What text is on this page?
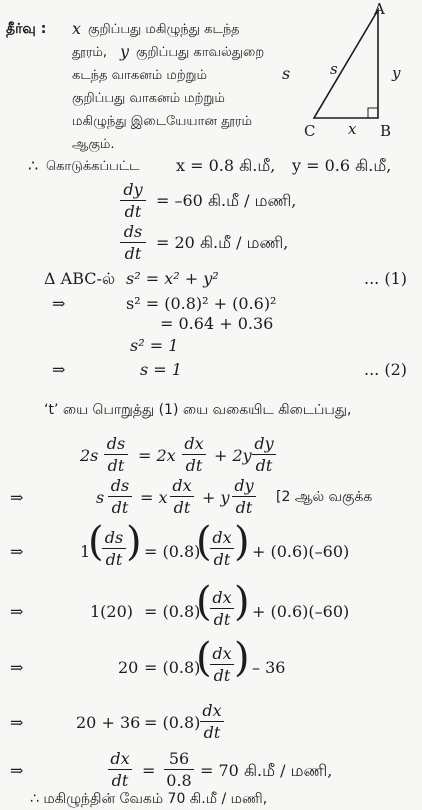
தீர்வு : x குறிப்பது மகிழுந்து கடந்த
தூரம், y குறிப்பது காவல்துறை
கடந்த வாகனம் மற்றும்	s
குறிப்பது வாகனம் மற்றும்
மகிழுந்து இடையேயான தூரம்
ஆகும்.
A
s	y
C x B
∴ கொடுக்கப்பட்ட x = 0.8 கி.மீ, y = 0.6 கி.மீ,
dy
dt
= –60 கி.மீ / மணி,
ds
dt
= 20 கி.மீ / மணி,
Δ ABC-ல் s² = x² + y²	... (1)
⇒	s² = (0.8)² + (0.6)²
= 0.64 + 0.36
s² = 1
⇒	s = 1	... (2)
‘t’ யை பொறுத்து (1) யை வகையிட கிடைப்பது,
2s
ds
dt
= 2x
dx
dt
+ 2y
dy
dt
⇒	s
ds
dt
= x
dx
dt
+ y
dy
dt
[2 ஆல் வகுக்க
⇒	1
( ds
dt ) = (0.8)
( dx
dt ) + (0.6)(–60)
⇒	1(20) = (0.8)
( dx
dt ) + (0.6)(–60)
⇒	20 = (0.8)
( dx
dt ) – 36
⇒	20 + 36 = (0.8)
dx
dt
⇒
dx
dt
=
56
0.8
= 70 கி.மீ / மணி,
∴ மகிழுந்தின் வேகம் 70 கி.மீ / மணி,
